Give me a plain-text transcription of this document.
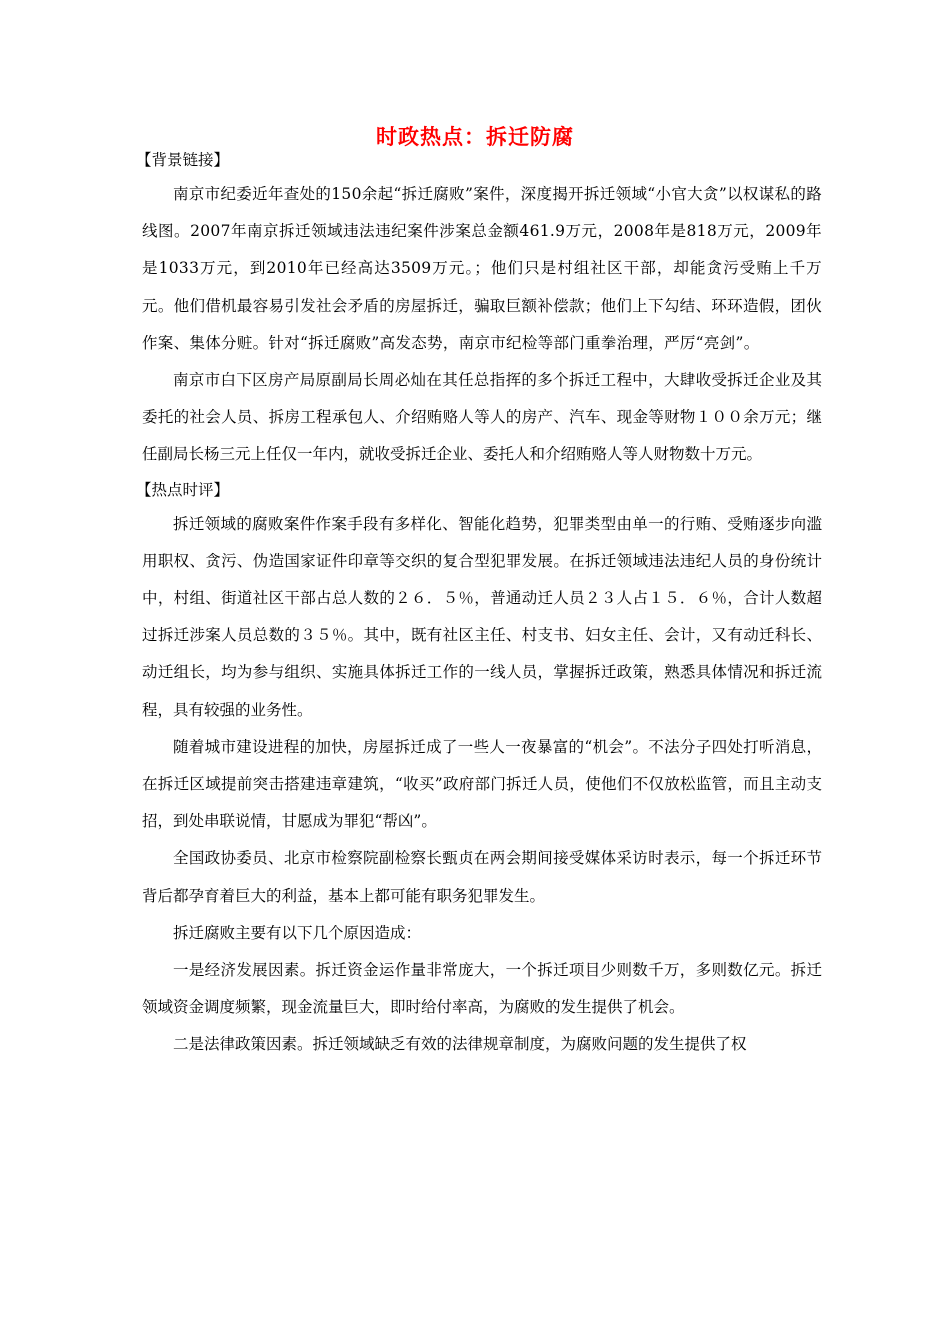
时政热点：拆迁防腐

【背景链接】

南京市纪委近年查处的150余起“拆迁腐败”案件，深度揭开拆迁领域“小官大贪”以权谋私的路线图。2007年南京拆迁领域违法违纪案件涉案总金额461.9万元，2008年是818万元，2009年是1033万元，到2010年已经高达3509万元。；他们只是村组社区干部，却能贪污受贿上千万元。他们借机最容易引发社会矛盾的房屋拆迁，骗取巨额补偿款；他们上下勾结、环环造假，团伙作案、集体分赃。针对“拆迁腐败”高发态势，南京市纪检等部门重拳治理，严厉“亮剑”。

南京市白下区房产局原副局长周必灿在其任总指挥的多个拆迁工程中，大肆收受拆迁企业及其委托的社会人员、拆房工程承包人、介绍贿赂人等人的房产、汽车、现金等财物１００余万元；继任副局长杨三元上任仅一年内，就收受拆迁企业、委托人和介绍贿赂人等人财物数十万元。

【热点时评】

拆迁领域的腐败案件作案手段有多样化、智能化趋势，犯罪类型由单一的行贿、受贿逐步向滥用职权、贪污、伪造国家证件印章等交织的复合型犯罪发展。在拆迁领域违法违纪人员的身份统计中，村组、街道社区干部占总人数的２６．５％，普通动迁人员２３人占１５．６％，合计人数超过拆迁涉案人员总数的３５％。其中，既有社区主任、村支书、妇女主任、会计，又有动迁科长、动迁组长，均为参与组织、实施具体拆迁工作的一线人员，掌握拆迁政策，熟悉具体情况和拆迁流程，具有较强的业务性。

随着城市建设进程的加快，房屋拆迁成了一些人一夜暴富的“机会”。不法分子四处打听消息，在拆迁区域提前突击搭建违章建筑，“收买”政府部门拆迁人员，使他们不仅放松监管，而且主动支招，到处串联说情，甘愿成为罪犯“帮凶”。

全国政协委员、北京市检察院副检察长甄贞在两会期间接受媒体采访时表示，每一个拆迁环节背后都孕育着巨大的利益，基本上都可能有职务犯罪发生。

拆迁腐败主要有以下几个原因造成：

一是经济发展因素。拆迁资金运作量非常庞大，一个拆迁项目少则数千万，多则数亿元。拆迁领域资金调度频繁，现金流量巨大，即时给付率高，为腐败的发生提供了机会。

二是法律政策因素。拆迁领域缺乏有效的法律规章制度，为腐败问题的发生提供了权
